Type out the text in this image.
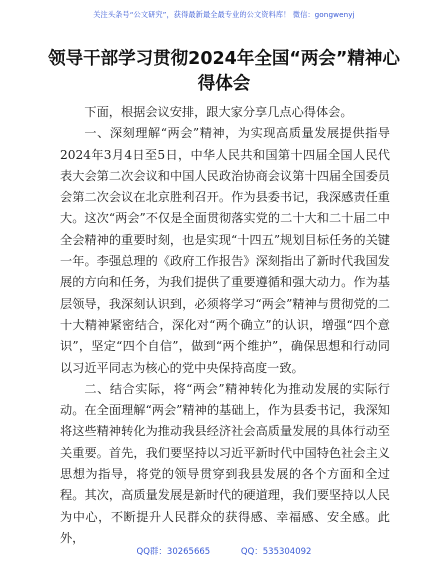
关注头条号“公文研究”，获得最新最全最专业的公文资料库！ 微信：gongwenyj
领导干部学习贯彻2024年全国“两会”精神心得体会

下面，根据会议安排，跟大家分享几点心得体会。

一、深刻理解“两会”精神，为实现高质量发展提供指导2024年3月4日至5日，中华人民共和国第十四届全国人民代表大会第二次会议和中国人民政治协商会议第十四届全国委员会第二次会议在北京胜利召开。作为县委书记，我深感责任重大。这次“两会”不仅是全面贯彻落实党的二十大和二十届二中全会精神的重要时刻，也是实现“十四五”规划目标任务的关键一年。李强总理的《政府工作报告》深刻指出了新时代我国发展的方向和任务，为我们提供了重要遵循和强大动力。作为基层领导，我深刻认识到，必须将学习“两会”精神与贯彻党的二十大精神紧密结合，深化对“两个确立”的认识，增强“四个意识”，坚定“四个自信”，做到“两个维护”，确保思想和行动同以习近平同志为核心的党中央保持高度一致。

二、结合实际，将“两会”精神转化为推动发展的实际行动。在全面理解“两会”精神的基础上，作为县委书记，我深知将这些精神转化为推动我县经济社会高质量发展的具体行动至关重要。首先，我们要坚持以习近平新时代中国特色社会主义思想为指导，将党的领导贯穿到我县发展的各个方面和全过程。其次，高质量发展是新时代的硬道理，我们要坚持以人民为中心，不断提升人民群众的获得感、幸福感、安全感。此外，

QQ群：30265665	QQ：535304092
